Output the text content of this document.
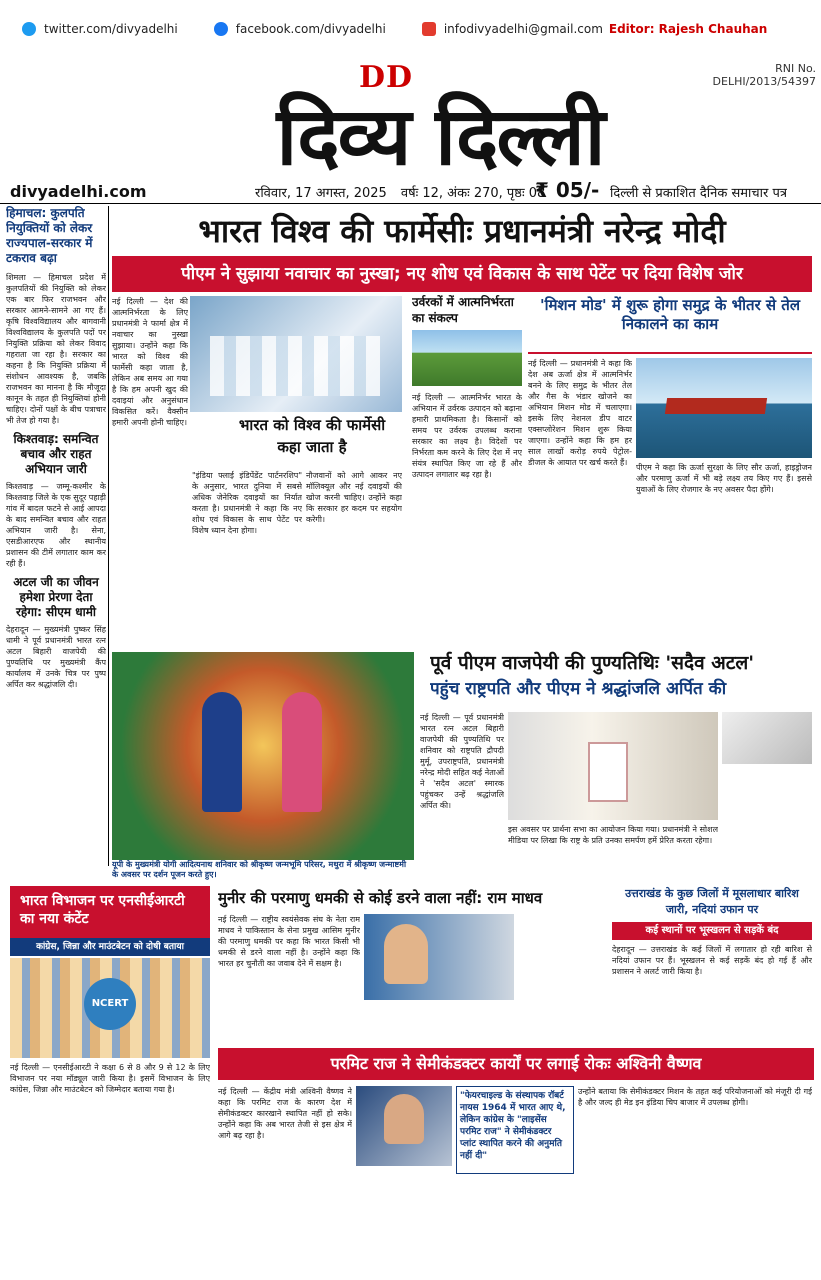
twitter.com/divyadelhi	facebook.com/divyadelhi	infodivyadelhi@gmail.com Editor: Rajesh Chauhan
RNI No. DELHI/2013/54397
DD
दिव्य दिल्ली
divyadelhi.com	रविवार, 17 अगस्त, 2025 वर्षः 12, अंकः 270, पृष्ठः 08
₹ 05/- दिल्ली से प्रकाशित दैनिक समाचार पत्र
हिमाचल: कुलपति नियुक्तियों को लेकर राज्यपाल-सरकार में टकराव बढ़ा

शिमला — हिमाचल प्रदेश में कुलपतियों की नियुक्ति को लेकर एक बार फिर राजभवन और सरकार आमने-सामने आ गए हैं। कृषि विश्वविद्यालय और बागवानी विश्वविद्यालय के कुलपति पदों पर नियुक्ति प्रक्रिया को लेकर विवाद गहराता जा रहा है। सरकार का कहना है कि नियुक्ति प्रक्रिया में संशोधन आवश्यक है, जबकि राजभवन का मानना है कि मौजूदा कानून के तहत ही नियुक्तियां होनी चाहिए। दोनों पक्षों के बीच पत्राचार भी तेज हो गया है।

किश्तवाड़: समन्वित बचाव और राहत अभियान जारी

किश्तवाड़ — जम्मू-कश्मीर के किश्तवाड़ जिले के एक सुदूर पहाड़ी गांव में बादल फटने से आई आपदा के बाद समन्वित बचाव और राहत अभियान जारी है। सेना, एसडीआरएफ और स्थानीय प्रशासन की टीमें लगातार काम कर रही हैं।

अटल जी का जीवन हमेशा प्रेरणा देता रहेगा: सीएम धामी

देहरादून — मुख्यमंत्री पुष्कर सिंह धामी ने पूर्व प्रधानमंत्री भारत रत्न अटल बिहारी वाजपेयी की पुण्यतिथि पर मुख्यमंत्री कैंप कार्यालय में उनके चित्र पर पुष्प अर्पित कर श्रद्धांजलि दी।

भारत विश्व की फार्मेसीः प्रधानमंत्री नरेन्द्र मोदी
पीएम ने सुझाया नवाचार का नुस्खा; नए शोध एवं विकास के साथ पेटेंट पर दिया विशेष जोर
भारत को विश्व की फार्मेसी कहा जाता है

नई दिल्ली — देश की आत्मनिर्भरता के लिए प्रधानमंत्री ने फार्मा क्षेत्र में नवाचार का नुस्खा सुझाया। उन्होंने कहा कि भारत को विश्व की फार्मेसी कहा जाता है, लेकिन अब समय आ गया है कि हम अपनी खुद की दवाइयां और अनुसंधान विकसित करें। वैक्सीन हमारी अपनी होनी चाहिए।

"इंडिया फ्लाई इंडिपेंडेंट पार्टनरशिप" के अनुसार, भारत दुनिया में सबसे अधिक जेनेरिक दवाइयों का निर्यात करता है। प्रधानमंत्री ने कहा कि नए शोध एवं विकास के साथ पेटेंट पर विशेष ध्यान देना होगा।

नौजवानों को आगे आकर नए मॉलिक्यूल और नई दवाइयों की खोज करनी चाहिए। उन्होंने कहा कि सरकार हर कदम पर सहयोग करेगी।

उर्वरकों में आत्मनिर्भरता का संकल्प

नई दिल्ली — आत्मनिर्भर भारत के अभियान में उर्वरक उत्पादन को बढ़ाना हमारी प्राथमिकता है। किसानों को समय पर उर्वरक उपलब्ध कराना सरकार का लक्ष्य है। विदेशों पर निर्भरता कम करने के लिए देश में नए संयंत्र स्थापित किए जा रहे हैं और उत्पादन लगातार बढ़ रहा है।

'मिशन मोड' में शुरू होगा समुद्र के भीतर से तेल निकालने का काम

नई दिल्ली — प्रधानमंत्री ने कहा कि देश अब ऊर्जा क्षेत्र में आत्मनिर्भर बनने के लिए समुद्र के भीतर तेल और गैस के भंडार खोजने का अभियान मिशन मोड में चलाएगा। इसके लिए नेशनल डीप वाटर एक्सप्लोरेशन मिशन शुरू किया जाएगा। उन्होंने कहा कि हम हर साल लाखों करोड़ रुपये पेट्रोल-डीजल के आयात पर खर्च करते हैं।

पीएम ने कहा कि ऊर्जा सुरक्षा के लिए सौर ऊर्जा, हाइड्रोजन और परमाणु ऊर्जा में भी बड़े लक्ष्य तय किए गए हैं। इससे युवाओं के लिए रोजगार के नए अवसर पैदा होंगे।

यूपी के मुख्यमंत्री योगी आदित्यनाथ शनिवार को श्रीकृष्ण जन्मभूमि परिसर, मथुरा में श्रीकृष्ण जन्माष्टमी के अवसर पर दर्शन पूजन करते हुए।
पूर्व पीएम वाजपेयी की पुण्यतिथिः 'सदैव अटल'
पहुंच राष्ट्रपति और पीएम ने श्रद्धांजलि अर्पित की

नई दिल्ली — पूर्व प्रधानमंत्री भारत रत्न अटल बिहारी वाजपेयी की पुण्यतिथि पर शनिवार को राष्ट्रपति द्रौपदी मुर्मू, उपराष्ट्रपति, प्रधानमंत्री नरेन्द्र मोदी सहित कई नेताओं ने 'सदैव अटल' स्मारक पहुंचकर उन्हें श्रद्धांजलि अर्पित की।

इस अवसर पर प्रार्थना सभा का आयोजन किया गया। प्रधानमंत्री ने सोशल मीडिया पर लिखा कि राष्ट्र के प्रति उनका समर्पण हमें प्रेरित करता रहेगा।

भारत विभाजन पर एनसीईआरटी का नया कंटेंट
कांग्रेस, जिन्ना और माउंटबेटन को दोषी बताया
NCERT

नई दिल्ली — एनसीईआरटी ने कक्षा 6 से 8 और 9 से 12 के लिए विभाजन पर नया मॉड्यूल जारी किया है। इसमें विभाजन के लिए कांग्रेस, जिन्ना और माउंटबेटन को जिम्मेदार बताया गया है।

मुनीर की परमाणु धमकी से कोई डरने वाला नहीं: राम माधव

नई दिल्ली — राष्ट्रीय स्वयंसेवक संघ के नेता राम माधव ने पाकिस्तान के सेना प्रमुख आसिम मुनीर की परमाणु धमकी पर कहा कि भारत किसी भी धमकी से डरने वाला नहीं है। उन्होंने कहा कि भारत हर चुनौती का जवाब देने में सक्षम है।

उत्तराखंड के कुछ जिलों में मूसलाधार बारिश जारी, नदियां उफान पर
कई स्थानों पर भूस्खलन से सड़कें बंद

देहरादून — उत्तराखंड के कई जिलों में लगातार हो रही बारिश से नदियां उफान पर हैं। भूस्खलन से कई सड़कें बंद हो गई हैं और प्रशासन ने अलर्ट जारी किया है।

परमिट राज ने सेमीकंडक्टर कार्यों पर लगाई रोकः अश्विनी वैष्णव
"फेयरचाइल्ड के संस्थापक रॉबर्ट नायस 1964 में भारत आए थे, लेकिन कांग्रेस के "लाइसेंस परमिट राज" ने सेमीकंडक्टर प्लांट स्थापित करने की अनुमति नहीं दी"

नई दिल्ली — केंद्रीय मंत्री अश्विनी वैष्णव ने कहा कि परमिट राज के कारण देश में सेमीकंडक्टर कारखाने स्थापित नहीं हो सके। उन्होंने कहा कि अब भारत तेजी से इस क्षेत्र में आगे बढ़ रहा है।

उन्होंने बताया कि सेमीकंडक्टर मिशन के तहत कई परियोजनाओं को मंजूरी दी गई है और जल्द ही मेड इन इंडिया चिप बाजार में उपलब्ध होगी।
